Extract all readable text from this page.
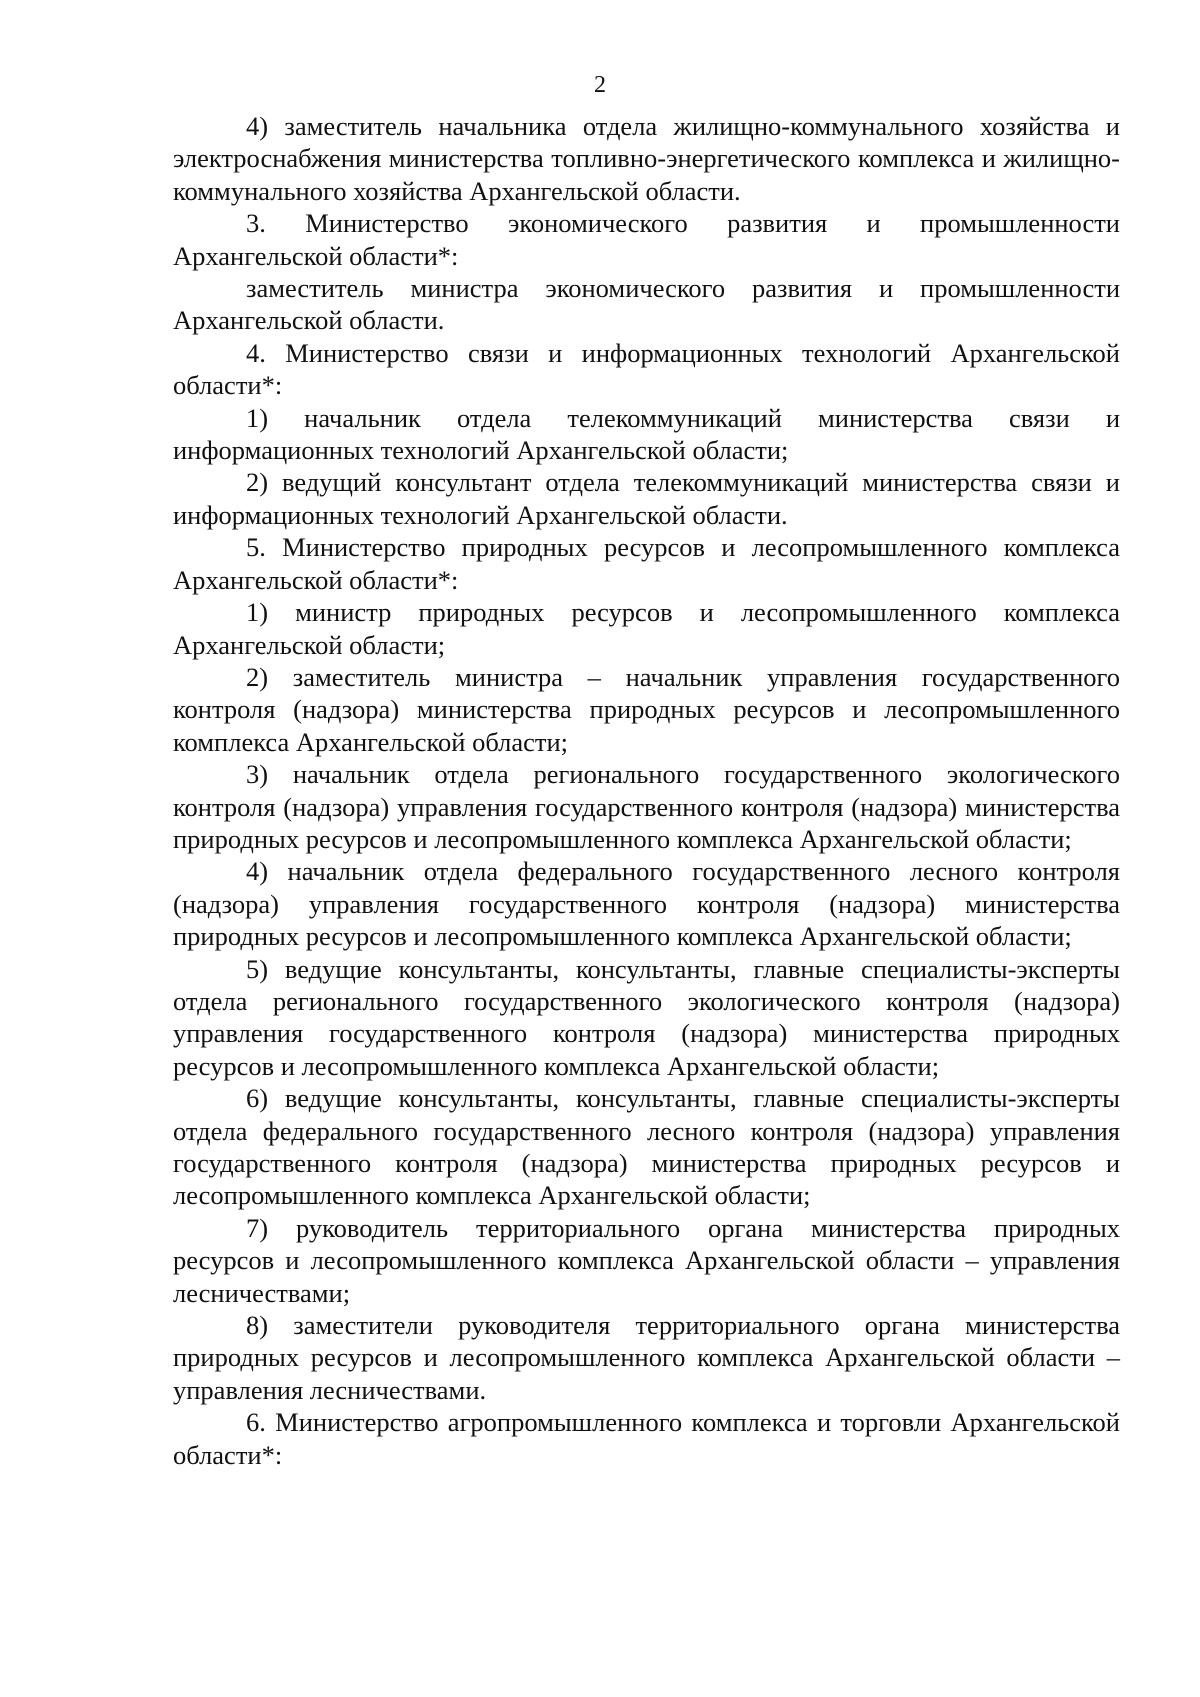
2

4) заместитель начальника отдела жилищно-коммунального хозяйства и электроснабжения министерства топливно-энергетического комплекса и жилищно-коммунального хозяйства Архангельской области.

3. Министерство экономического развития и промышленности Архангельской области*:

заместитель министра экономического развития и промышленности Архангельской области.

4. Министерство связи и информационных технологий Архангельской области*:

1) начальник отдела телекоммуникаций министерства связи и информационных технологий Архангельской области;

2) ведущий консультант отдела телекоммуникаций министерства связи и информационных технологий Архангельской области.

5. Министерство природных ресурсов и лесопромышленного комплекса Архангельской области*:

1) министр природных ресурсов и лесопромышленного комплекса Архангельской области;

2) заместитель министра – начальник управления государственного контроля (надзора) министерства природных ресурсов и лесопромышленного комплекса Архангельской области;

3) начальник отдела регионального государственного экологического контроля (надзора) управления государственного контроля (надзора) министерства природных ресурсов и лесопромышленного комплекса Архангельской области;

4) начальник отдела федерального государственного лесного контроля (надзора) управления государственного контроля (надзора) министерства природных ресурсов и лесопромышленного комплекса Архангельской области;

5) ведущие консультанты, консультанты, главные специалисты-эксперты отдела регионального государственного экологического контроля (надзора) управления государственного контроля (надзора) министерства природных ресурсов и лесопромышленного комплекса Архангельской области;

6) ведущие консультанты, консультанты, главные специалисты-эксперты отдела федерального государственного лесного контроля (надзора) управления государственного контроля (надзора) министерства природных ресурсов и лесопромышленного комплекса Архангельской области;

7) руководитель территориального органа министерства природных ресурсов и лесопромышленного комплекса Архангельской области – управления лесничествами;

8) заместители руководителя территориального органа министерства природных ресурсов и лесопромышленного комплекса Архангельской области – управления лесничествами.

6. Министерство агропромышленного комплекса и торговли Архангельской области*:
